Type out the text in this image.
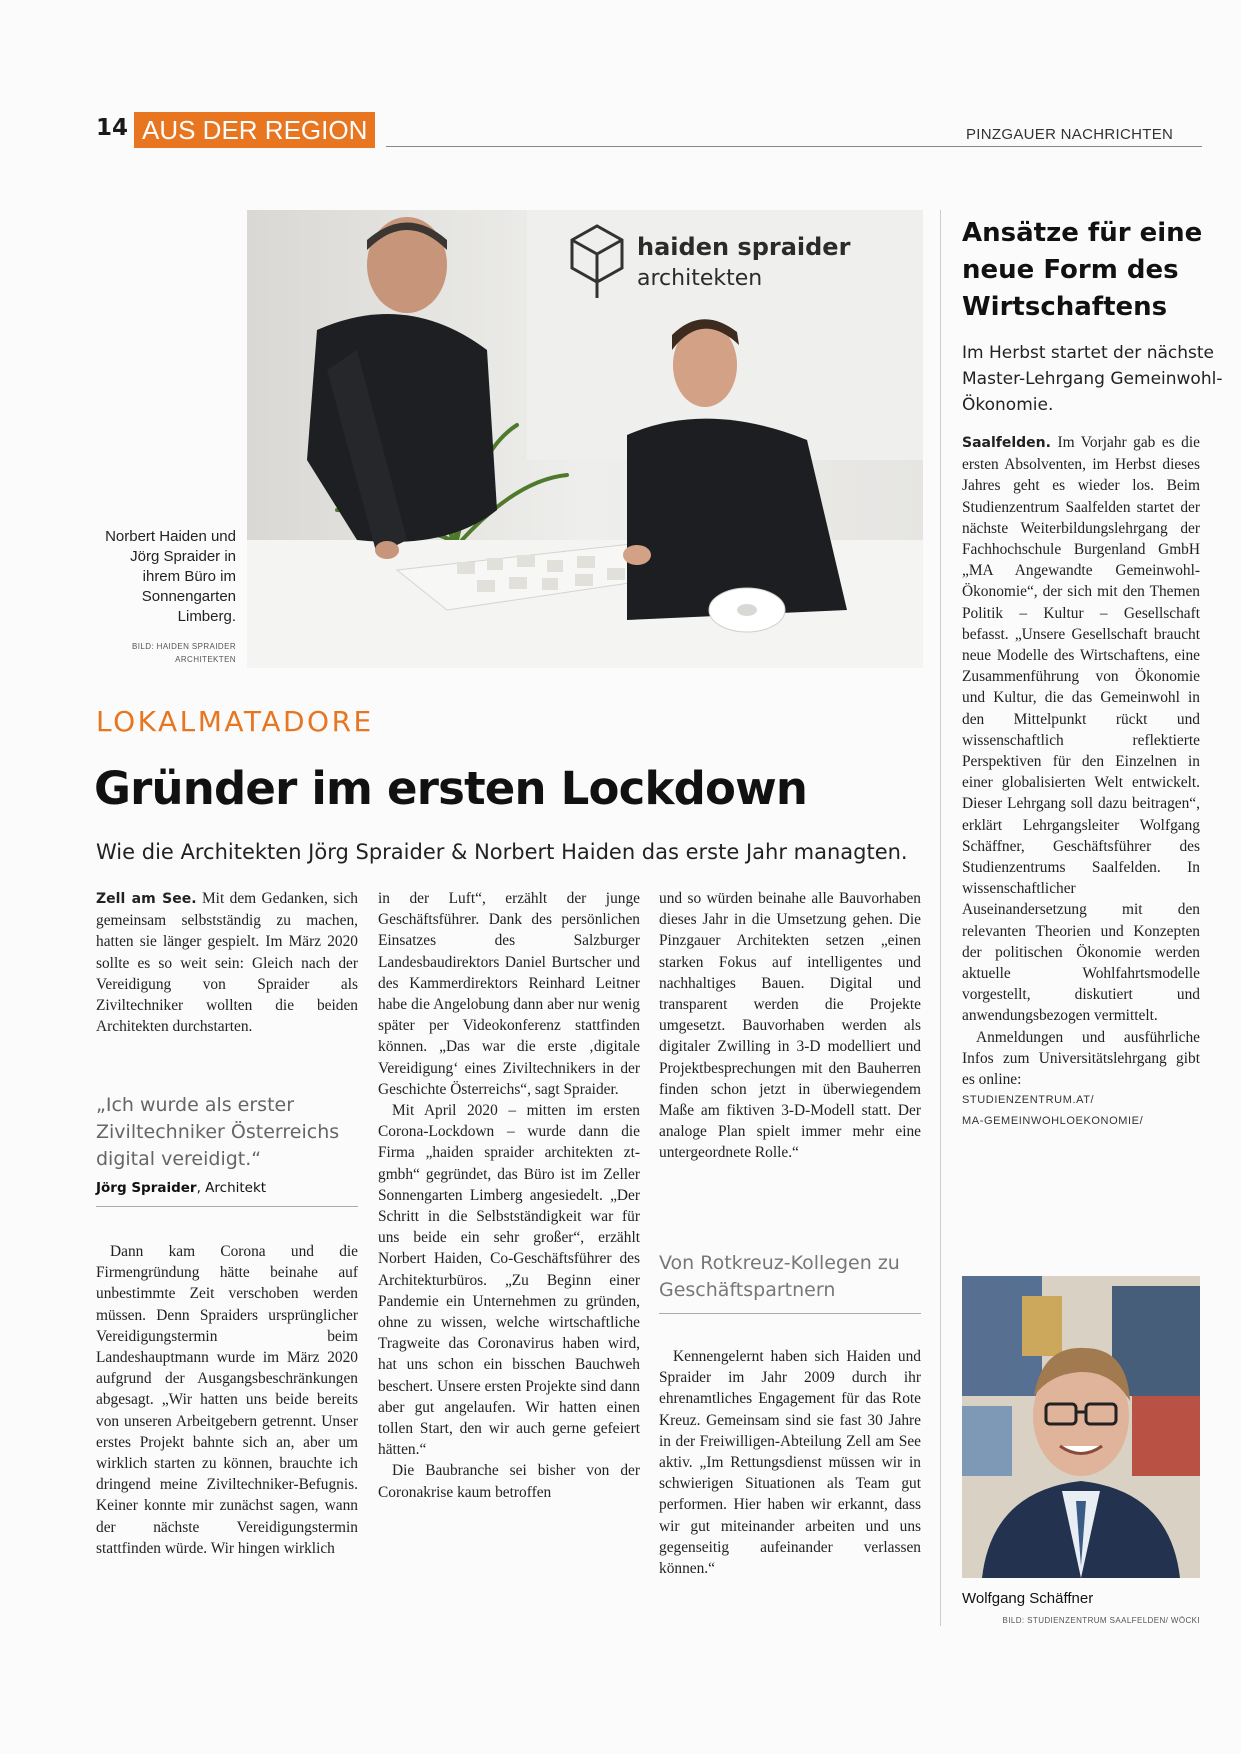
14 AUS DER REGION	PINZGAUER NACHRICHTEN
haiden spraider
architekten
Norbert Haiden und Jörg Spraider in ihrem Büro im Sonnengarten Limberg.
BILD: HAIDEN SPRAIDER
ARCHITEKTEN
LOKALMATADORE
Gründer im ersten Lockdown
Wie die Architekten Jörg Spraider & Norbert Haiden das erste Jahr managten.

Zell am See. Mit dem Gedanken, sich gemeinsam selbstständig zu machen, hatten sie länger gespielt. Im März 2020 sollte es so weit sein: Gleich nach der Vereidigung von Spraider als Ziviltechniker wollten die beiden Architekten durchstarten.

„Ich wurde als erster Ziviltechniker Österreichs digital vereidigt.“
Jörg Spraider, Architekt

Dann kam Corona und die Firmengründung hätte beinahe auf unbestimmte Zeit verschoben werden müssen. Denn Spraiders ursprünglicher Vereidigungstermin beim Landeshauptmann wurde im März 2020 aufgrund der Ausgangsbeschränkungen abgesagt. „Wir hatten uns beide bereits von unseren Arbeitgebern getrennt. Unser erstes Projekt bahnte sich an, aber um wirklich starten zu können, brauchte ich dringend meine Ziviltechniker-Befugnis. Keiner konnte mir zunächst sagen, wann der nächste Vereidigungstermin stattfinden würde. Wir hingen wirklich

in der Luft“, erzählt der junge Geschäftsführer. Dank des persönlichen Einsatzes des Salzburger Landesbaudirektors Daniel Burtscher und des Kammerdirektors Reinhard Leitner habe die Angelobung dann aber nur wenig später per Videokonferenz stattfinden können. „Das war die erste ‚digitale Vereidigung‘ eines Ziviltechnikers in der Geschichte Österreichs“, sagt Spraider.

Mit April 2020 – mitten im ersten Corona-Lockdown – wurde dann die Firma „haiden spraider architekten zt-gmbh“ gegründet, das Büro ist im Zeller Sonnengarten Limberg angesiedelt. „Der Schritt in die Selbstständigkeit war für uns beide ein sehr großer“, erzählt Norbert Haiden, Co-Geschäftsführer des Architekturbüros. „Zu Beginn einer Pandemie ein Unternehmen zu gründen, ohne zu wissen, welche wirtschaftliche Tragweite das Coronavirus haben wird, hat uns schon ein bisschen Bauchweh beschert. Unsere ersten Projekte sind dann aber gut angelaufen. Wir hatten einen tollen Start, den wir auch gerne gefeiert hätten.“

Die Baubranche sei bisher von der Coronakrise kaum betroffen

und so würden beinahe alle Bauvorhaben dieses Jahr in die Umsetzung gehen. Die Pinzgauer Architekten setzen „einen starken Fokus auf intelligentes und nachhaltiges Bauen. Digital und transparent werden die Projekte umgesetzt. Bauvorhaben werden als digitaler Zwilling in 3-D modelliert und Projektbesprechungen mit den Bauherren finden schon jetzt in überwiegendem Maße am fiktiven 3-D-Modell statt. Der analoge Plan spielt immer mehr eine untergeordnete Rolle.“

Von Rotkreuz-Kollegen zu Geschäftspartnern

Kennengelernt haben sich Haiden und Spraider im Jahr 2009 durch ihr ehrenamtliches Engagement für das Rote Kreuz. Gemeinsam sind sie fast 30 Jahre in der Freiwilligen-Abteilung Zell am See aktiv. „Im Rettungsdienst müssen wir in schwierigen Situationen als Team gut performen. Hier haben wir erkannt, dass wir gut miteinander arbeiten und uns gegenseitig aufeinander verlassen können.“

Ansätze für eine neue Form des Wirtschaftens
Im Herbst startet der nächste Master-Lehrgang Gemeinwohl-Ökonomie.

Saalfelden. Im Vorjahr gab es die ersten Absolventen, im Herbst dieses Jahres geht es wieder los. Beim Studienzentrum Saalfelden startet der nächste Weiterbildungslehrgang der Fachhochschule Burgenland GmbH „MA Angewandte Gemeinwohl-Ökonomie“, der sich mit den Themen Politik – Kultur – Gesellschaft befasst. „Unsere Gesellschaft braucht neue Modelle des Wirtschaftens, eine Zusammenführung von Ökonomie und Kultur, die das Gemeinwohl in den Mittelpunkt rückt und wissenschaftlich reflektierte Perspektiven für den Einzelnen in einer globalisierten Welt entwickelt. Dieser Lehrgang soll dazu beitragen“, erklärt Lehrgangsleiter Wolfgang Schäffner, Geschäftsführer des Studienzentrums Saalfelden. In wissenschaftlicher Auseinandersetzung mit den relevanten Theorien und Konzepten der politischen Ökonomie werden aktuelle Wohlfahrtsmodelle vorgestellt, diskutiert und anwendungsbezogen vermittelt.

Anmeldungen und ausführliche Infos zum Universitätslehrgang gibt es online:

STUDIENZENTRUM.AT/
MA-GEMEINWOHLOEKONOMIE/
Wolfgang Schäffner
BILD: STUDIENZENTRUM SAALFELDEN/ WÖCKI
